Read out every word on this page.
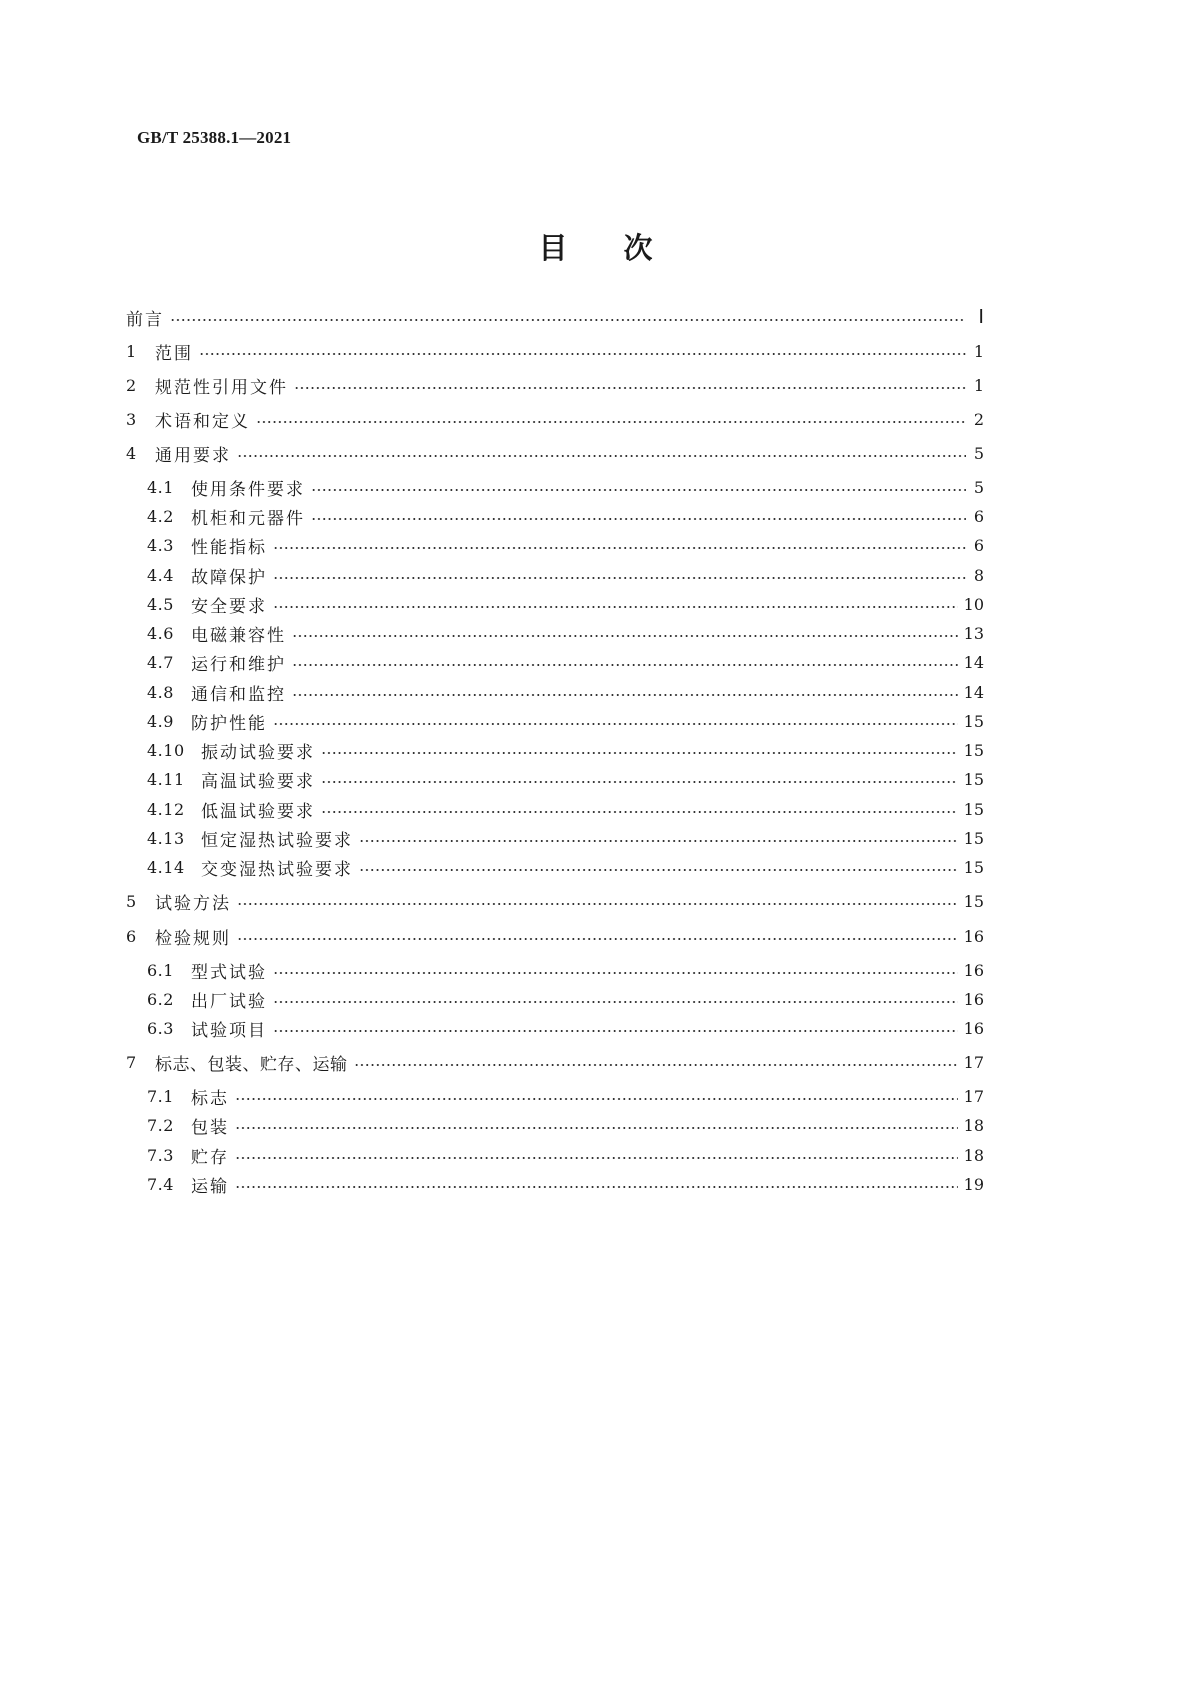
GB/T 25388.1—2021
目 次
前言	Ⅰ
1	范围	1
2	规范性引用文件	1
3	术语和定义	2
4	通用要求	5
4.1	使用条件要求	5
4.2	机柜和元器件	6
4.3	性能指标	6
4.4	故障保护	8
4.5	安全要求	10
4.6	电磁兼容性	13
4.7	运行和维护	14
4.8	通信和监控	14
4.9	防护性能	15
4.10 振动试验要求	15
4.11 高温试验要求	15
4.12 低温试验要求	15
4.13 恒定湿热试验要求	15
4.14 交变湿热试验要求	15
5	试验方法	15
6	检验规则	16
6.1	型式试验	16
6.2	出厂试验	16
6.3	试验项目	16
7	标志、包装、贮存、运输	17
7.1	标志	17
7.2	包装	18
7.3	贮存	18
7.4	运输	19
